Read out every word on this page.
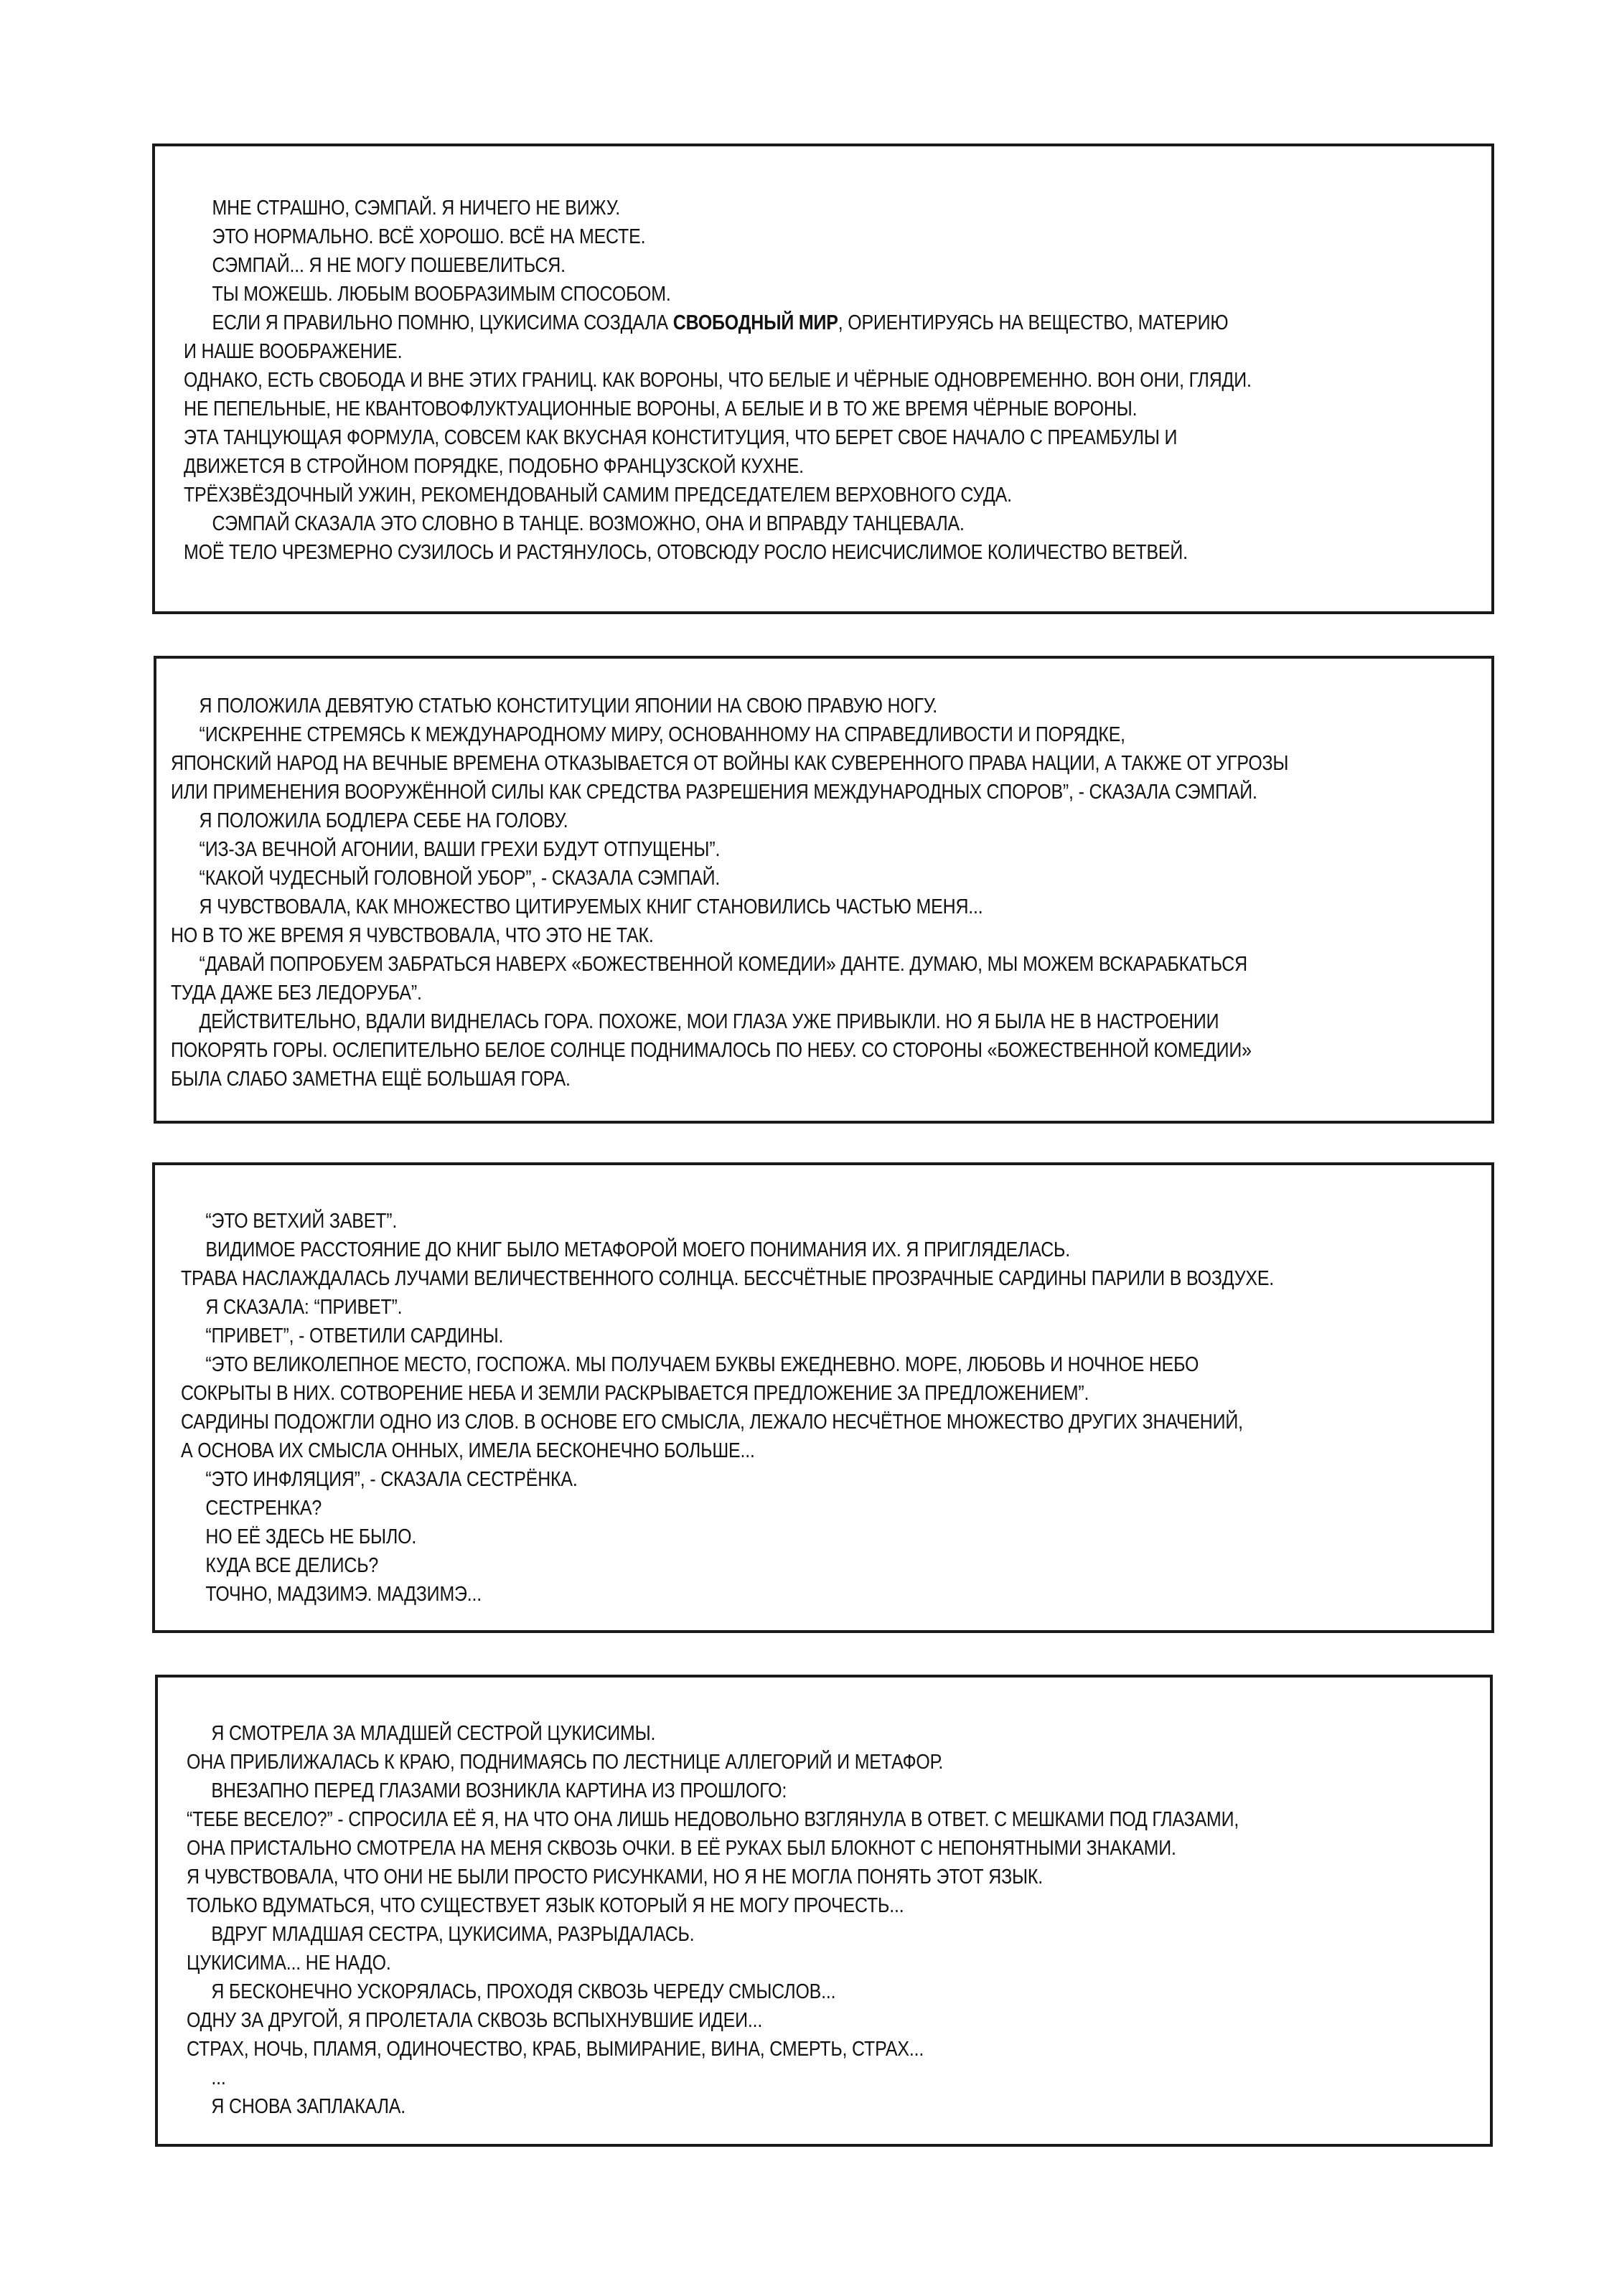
МНЕ СТРАШНО, СЭМПАЙ. Я НИЧЕГО НЕ ВИЖУ.
ЭТО НОРМАЛЬНО. ВСЁ ХОРОШО. ВСЁ НА МЕСТЕ.
СЭМПАЙ... Я НЕ МОГУ ПОШЕВЕЛИТЬСЯ.
ТЫ МОЖЕШЬ. ЛЮБЫМ ВООБРАЗИМЫМ СПОСОБОМ.
ЕСЛИ Я ПРАВИЛЬНО ПОМНЮ, ЦУКИСИМА СОЗДАЛА СВОБОДНЫЙ МИР, ОРИЕНТИРУЯСЬ НА ВЕЩЕСТВО, МАТЕРИЮ
И НАШЕ ВООБРАЖЕНИЕ.
ОДНАКО, ЕСТЬ СВОБОДА И ВНЕ ЭТИХ ГРАНИЦ. КАК ВОРОНЫ, ЧТО БЕЛЫЕ И ЧЁРНЫЕ ОДНОВРЕМЕННО. ВОН ОНИ, ГЛЯДИ.
НЕ ПЕПЕЛЬНЫЕ, НЕ КВАНТОВОФЛУКТУАЦИОННЫЕ ВОРОНЫ, А БЕЛЫЕ И В ТО ЖЕ ВРЕМЯ ЧЁРНЫЕ ВОРОНЫ.
ЭТА ТАНЦУЮЩАЯ ФОРМУЛА, СОВСЕМ КАК ВКУСНАЯ КОНСТИТУЦИЯ, ЧТО БЕРЕТ СВОЕ НАЧАЛО С ПРЕАМБУЛЫ И
ДВИЖЕТСЯ В СТРОЙНОМ ПОРЯДКЕ, ПОДОБНО ФРАНЦУЗСКОЙ КУХНЕ.
ТРЁХЗВЁЗДОЧНЫЙ УЖИН, РЕКОМЕНДОВАНЫЙ САМИМ ПРЕДСЕДАТЕЛЕМ ВЕРХОВНОГО СУДА.
СЭМПАЙ СКАЗАЛА ЭТО СЛОВНО В ТАНЦЕ. ВОЗМОЖНО, ОНА И ВПРАВДУ ТАНЦЕВАЛА.
МОЁ ТЕЛО ЧРЕЗМЕРНО СУЗИЛОСЬ И РАСТЯНУЛОСЬ, ОТОВСЮДУ РОСЛО НЕИСЧИСЛИМОЕ КОЛИЧЕСТВО ВЕТВЕЙ.
Я ПОЛОЖИЛА ДЕВЯТУЮ СТАТЬЮ КОНСТИТУЦИИ ЯПОНИИ НА СВОЮ ПРАВУЮ НОГУ.
“ИСКРЕННЕ СТРЕМЯСЬ К МЕЖДУНАРОДНОМУ МИРУ, ОСНОВАННОМУ НА СПРАВЕДЛИВОСТИ И ПОРЯДКЕ,
ЯПОНСКИЙ НАРОД НА ВЕЧНЫЕ ВРЕМЕНА ОТКАЗЫВАЕТСЯ ОТ ВОЙНЫ КАК СУВЕРЕННОГО ПРАВА НАЦИИ, А ТАКЖЕ ОТ УГРОЗЫ
ИЛИ ПРИМЕНЕНИЯ ВООРУЖЁННОЙ СИЛЫ КАК СРЕДСТВА РАЗРЕШЕНИЯ МЕЖДУНАРОДНЫХ СПОРОВ”, - СКАЗАЛА СЭМПАЙ.
Я ПОЛОЖИЛА БОДЛЕРА СЕБЕ НА ГОЛОВУ.
“ИЗ-ЗА ВЕЧНОЙ АГОНИИ, ВАШИ ГРЕХИ БУДУТ ОТПУЩЕНЫ”.
“КАКОЙ ЧУДЕСНЫЙ ГОЛОВНОЙ УБОР”, - СКАЗАЛА СЭМПАЙ.
Я ЧУВСТВОВАЛА, КАК МНОЖЕСТВО ЦИТИРУЕМЫХ КНИГ СТАНОВИЛИСЬ ЧАСТЬЮ МЕНЯ...
НО В ТО ЖЕ ВРЕМЯ Я ЧУВСТВОВАЛА, ЧТО ЭТО НЕ ТАК.
“ДАВАЙ ПОПРОБУЕМ ЗАБРАТЬСЯ НАВЕРХ «БОЖЕСТВЕННОЙ КОМЕДИИ» ДАНТЕ. ДУМАЮ, МЫ МОЖЕМ ВСКАРАБКАТЬСЯ
ТУДА ДАЖЕ БЕЗ ЛЕДОРУБА”.
ДЕЙСТВИТЕЛЬНО, ВДАЛИ ВИДНЕЛАСЬ ГОРА. ПОХОЖЕ, МОИ ГЛАЗА УЖЕ ПРИВЫКЛИ. НО Я БЫЛА НЕ В НАСТРОЕНИИ
ПОКОРЯТЬ ГОРЫ. ОСЛЕПИТЕЛЬНО БЕЛОЕ СОЛНЦЕ ПОДНИМАЛОСЬ ПО НЕБУ. СО СТОРОНЫ «БОЖЕСТВЕННОЙ КОМЕДИИ»
БЫЛА СЛАБО ЗАМЕТНА ЕЩЁ БОЛЬШАЯ ГОРА.
“ЭТО ВЕТХИЙ ЗАВЕТ”.
ВИДИМОЕ РАССТОЯНИЕ ДО КНИГ БЫЛО МЕТАФОРОЙ МОЕГО ПОНИМАНИЯ ИХ. Я ПРИГЛЯДЕЛАСЬ.
ТРАВА НАСЛАЖДАЛАСЬ ЛУЧАМИ ВЕЛИЧЕСТВЕННОГО СОЛНЦА. БЕССЧЁТНЫЕ ПРОЗРАЧНЫЕ САРДИНЫ ПАРИЛИ В ВОЗДУХЕ.
Я СКАЗАЛА: “ПРИВЕТ”.
“ПРИВЕТ”, - ОТВЕТИЛИ САРДИНЫ.
“ЭТО ВЕЛИКОЛЕПНОЕ МЕСТО, ГОСПОЖА. МЫ ПОЛУЧАЕМ БУКВЫ ЕЖЕДНЕВНО. МОРЕ, ЛЮБОВЬ И НОЧНОЕ НЕБО
СОКРЫТЫ В НИХ. СОТВОРЕНИЕ НЕБА И ЗЕМЛИ РАСКРЫВАЕТСЯ ПРЕДЛОЖЕНИЕ ЗА ПРЕДЛОЖЕНИЕМ”.
САРДИНЫ ПОДОЖГЛИ ОДНО ИЗ СЛОВ. В ОСНОВЕ ЕГО СМЫСЛА, ЛЕЖАЛО НЕСЧЁТНОЕ МНОЖЕСТВО ДРУГИХ ЗНАЧЕНИЙ,
А ОСНОВА ИХ СМЫСЛА ОННЫХ, ИМЕЛА БЕСКОНЕЧНО БОЛЬШЕ...
“ЭТО ИНФЛЯЦИЯ”, - СКАЗАЛА СЕСТРЁНКА.
СЕСТРЕНКА?
НО ЕЁ ЗДЕСЬ НЕ БЫЛО.
КУДА ВСЕ ДЕЛИСЬ?
ТОЧНО, МАДЗИМЭ. МАДЗИМЭ...
Я СМОТРЕЛА ЗА МЛАДШЕЙ СЕСТРОЙ ЦУКИСИМЫ.
ОНА ПРИБЛИЖАЛАСЬ К КРАЮ, ПОДНИМАЯСЬ ПО ЛЕСТНИЦЕ АЛЛЕГОРИЙ И МЕТАФОР.
ВНЕЗАПНО ПЕРЕД ГЛАЗАМИ ВОЗНИКЛА КАРТИНА ИЗ ПРОШЛОГО:
“ТЕБЕ ВЕСЕЛО?” - СПРОСИЛА ЕЁ Я, НА ЧТО ОНА ЛИШЬ НЕДОВОЛЬНО ВЗГЛЯНУЛА В ОТВЕТ. С МЕШКАМИ ПОД ГЛАЗАМИ,
ОНА ПРИСТАЛЬНО СМОТРЕЛА НА МЕНЯ СКВОЗЬ ОЧКИ. В ЕЁ РУКАХ БЫЛ БЛОКНОТ С НЕПОНЯТНЫМИ ЗНАКАМИ.
Я ЧУВСТВОВАЛА, ЧТО ОНИ НЕ БЫЛИ ПРОСТО РИСУНКАМИ, НО Я НЕ МОГЛА ПОНЯТЬ ЭТОТ ЯЗЫК.
ТОЛЬКО ВДУМАТЬСЯ, ЧТО СУЩЕСТВУЕТ ЯЗЫК КОТОРЫЙ Я НЕ МОГУ ПРОЧЕСТЬ...
ВДРУГ МЛАДШАЯ СЕСТРА, ЦУКИСИМА, РАЗРЫДАЛАСЬ.
ЦУКИСИМА... НЕ НАДО.
Я БЕСКОНЕЧНО УСКОРЯЛАСЬ, ПРОХОДЯ СКВОЗЬ ЧЕРЕДУ СМЫСЛОВ...
ОДНУ ЗА ДРУГОЙ, Я ПРОЛЕТАЛА СКВОЗЬ ВСПЫХНУВШИЕ ИДЕИ...
СТРАХ, НОЧЬ, ПЛАМЯ, ОДИНОЧЕСТВО, КРАБ, ВЫМИРАНИЕ, ВИНА, СМЕРТЬ, СТРАХ...
...
Я СНОВА ЗАПЛАКАЛА.
